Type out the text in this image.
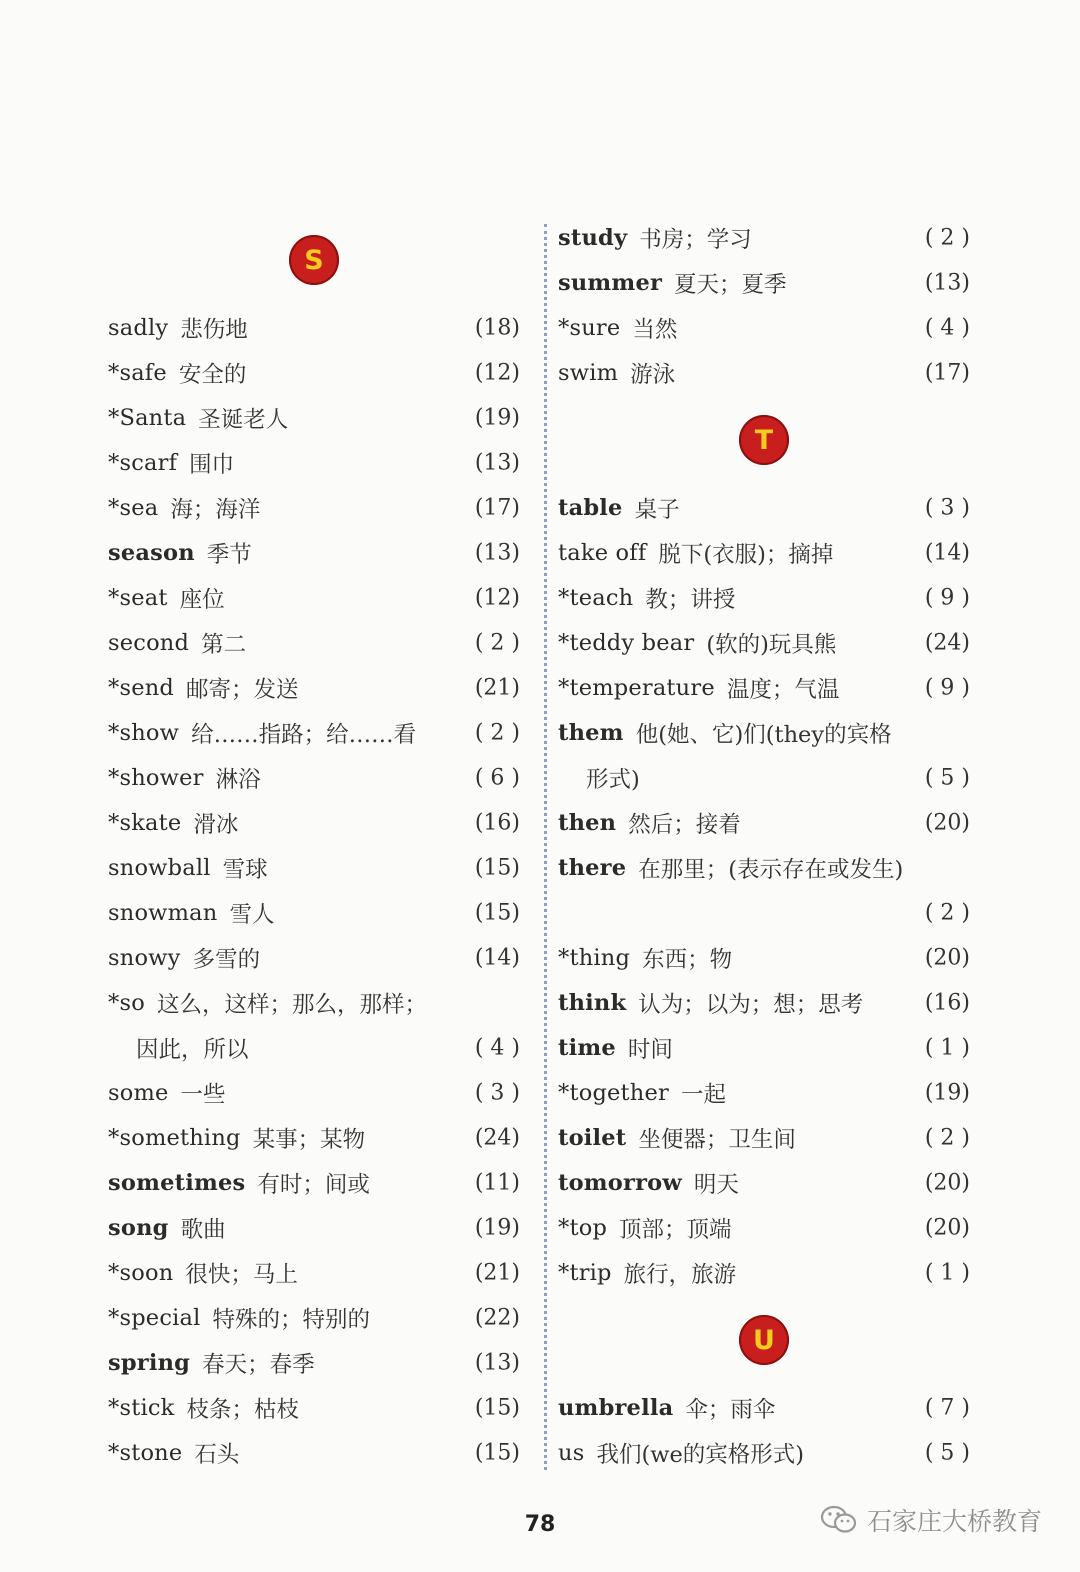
S
sadly 悲伤地	(18)
*safe 安全的	(12)
*Santa 圣诞老人	(19)
*scarf 围巾	(13)
*sea 海；海洋	(17)
season 季节	(13)
*seat 座位	(12)
second 第二	( 2 )
*send 邮寄；发送	(21)
*show 给……指路；给……看	( 2 )
*shower 淋浴	( 6 )
*skate 滑冰	(16)
snowball 雪球	(15)
snowman 雪人	(15)
snowy 多雪的	(14)
*so 这么，这样；那么，那样；
因此，所以	( 4 )
some 一些	( 3 )
*something 某事；某物	(24)
sometimes 有时；间或	(11)
song 歌曲	(19)
*soon 很快；马上	(21)
*special 特殊的；特别的	(22)
spring 春天；春季	(13)
*stick 枝条；枯枝	(15)
*stone 石头	(15)
study 书房；学习	( 2 )
summer 夏天；夏季	(13)
*sure 当然	( 4 )
swim 游泳	(17)
T
table 桌子	( 3 )
take off 脱下(衣服)；摘掉	(14)
*teach 教；讲授	( 9 )
*teddy bear (软的)玩具熊	(24)
*temperature 温度；气温	( 9 )
them 他(她、它)们(they的宾格
形式)	( 5 )
then 然后；接着	(20)
there 在那里；(表示存在或发生)
( 2 )
*thing 东西；物	(20)
think 认为；以为；想；思考	(16)
time 时间	( 1 )
*together 一起	(19)
toilet 坐便器；卫生间	( 2 )
tomorrow 明天	(20)
*top 顶部；顶端	(20)
*trip 旅行，旅游	( 1 )
U
umbrella 伞；雨伞	( 7 )
us 我们(we的宾格形式)	( 5 )
78	石家庄大桥教育
